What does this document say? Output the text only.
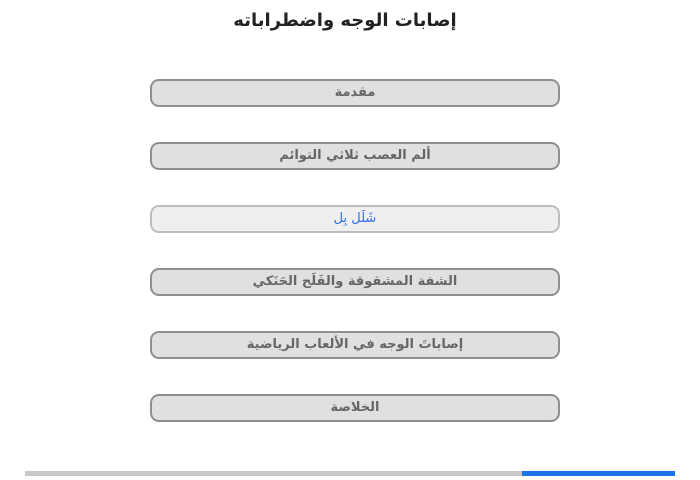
إصابات الوجه واضطراباته
مقدمة
ألم العصب ثلاثي التوائم
شَلَل بِل
الشفة المشقوقة والفَلَح الحَنَكي
إصاباتَ الوجه في الألعاب الرياضية
الخلاصة
